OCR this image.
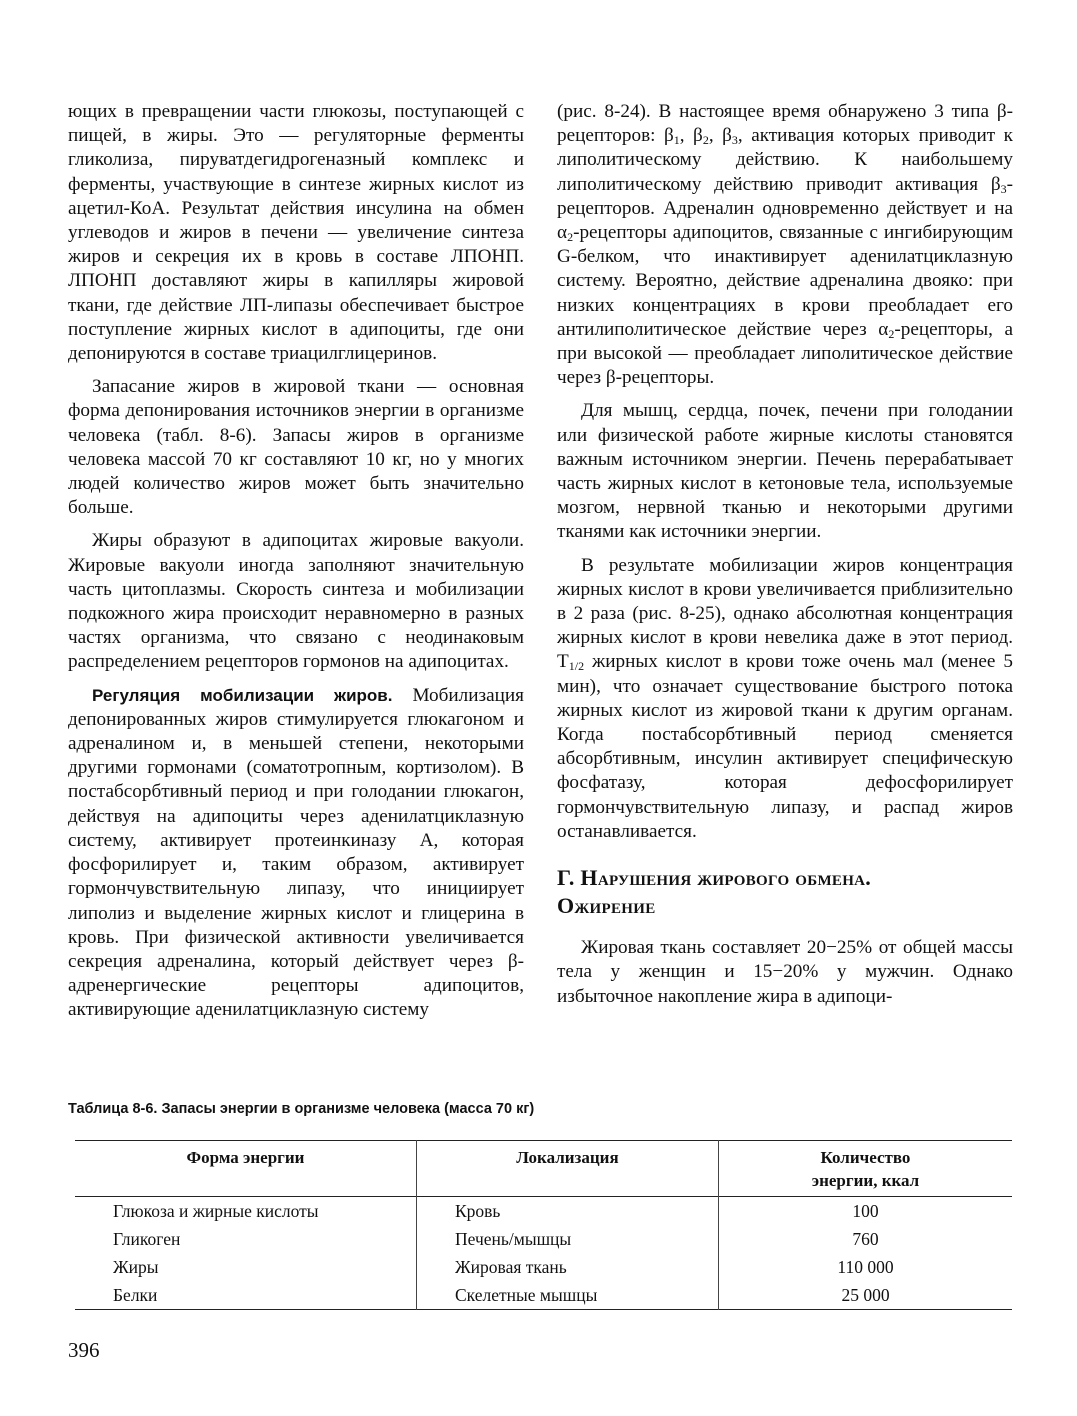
ющих в превращении части глюкозы, поступающей с пищей, в жиры. Это — регуляторные ферменты гликолиза, пируватдегидрогеназный комплекс и ферменты, участвующие в синтезе жирных кислот из ацетил-КоА. Результат действия инсулина на обмен углеводов и жиров в печени — увеличение синтеза жиров и секреция их в кровь в составе ЛПОНП. ЛПОНП доставляют жиры в капилляры жировой ткани, где действие ЛП-липазы обеспечивает быстрое поступление жирных кислот в адипоциты, где они депонируются в составе триацилглицеринов.

Запасание жиров в жировой ткани — основная форма депонирования источников энергии в организме человека (табл. 8-6). Запасы жиров в организме человека массой 70 кг составляют 10 кг, но у многих людей количество жиров может быть значительно больше.

Жиры образуют в адипоцитах жировые вакуоли. Жировые вакуоли иногда заполняют значительную часть цитоплазмы. Скорость синтеза и мобилизации подкожного жира происходит неравномерно в разных частях организма, что связано с неодинаковым распределением рецепторов гормонов на адипоцитах.

Регуляция мобилизации жиров. Мобилизация депонированных жиров стимулируется глюкагоном и адреналином и, в меньшей степени, некоторыми другими гормонами (соматотропным, кортизолом). В постабсорбтивный период и при голодании глюкагон, действуя на адипоциты через аденилатциклазную систему, активирует протеинкиназу А, которая фосфорилирует и, таким образом, активирует гормончувствительную липазу, что инициирует липолиз и выделение жирных кислот и глицерина в кровь. При физической активности увеличивается секреция адреналина, который действует через β-адренергические рецепторы адипоцитов, активирующие аденилатциклазную систему

(рис. 8-24). В настоящее время обнаружено 3 типа β-рецепторов: $\beta_1$, $\beta_2$, $\beta_3$, активация которых приводит к липолитическому действию. К наибольшему липолитическому действию приводит активация $\beta_3$-рецепторов. Адреналин одновременно действует и на $\alpha_2$-рецепторы адипоцитов, связанные с ингибирующим G-белком, что инактивирует аденилатциклазную систему. Вероятно, действие адреналина двояко: при низких концентрациях в крови преобладает его антилиполитическое действие через $\alpha_2$-рецепторы, а при высокой — преобладает липолитическое действие через β-рецепторы.

Для мышц, сердца, почек, печени при голодании или физической работе жирные кислоты становятся важным источником энергии. Печень перерабатывает часть жирных кислот в кетоновые тела, используемые мозгом, нервной тканью и некоторыми другими тканями как источники энергии.

В результате мобилизации жиров концентрация жирных кислот в крови увеличивается приблизительно в 2 раза (рис. 8-25), однако абсолютная концентрация жирных кислот в крови невелика даже в этот период. $T_{1/2}$ жирных кислот в крови тоже очень мал (менее 5 мин), что означает существование быстрого потока жирных кислот из жировой ткани к другим органам. Когда постабсорбтивный период сменяется абсорбтивным, инсулин активирует специфическую фосфатазу, которая дефосфорилирует гормончувствительную липазу, и распад жиров останавливается.

Г. Нарушения жирового обмена.
Ожирение

Жировая ткань составляет 20−25% от общей массы тела у женщин и 15−20% у мужчин. Однако избыточное накопление жира в адипоци-

Таблица 8-6. Запасы энергии в организме человека (масса 70 кг)
Форма энергии	Локализация	Количество
энергии, ккал

Глюкоза и жирные кислоты	Кровь	100
Гликоген	Печень/мышцы	760
Жиры	Жировая ткань	110 000
Белки	Скелетные мышцы	25 000
396
